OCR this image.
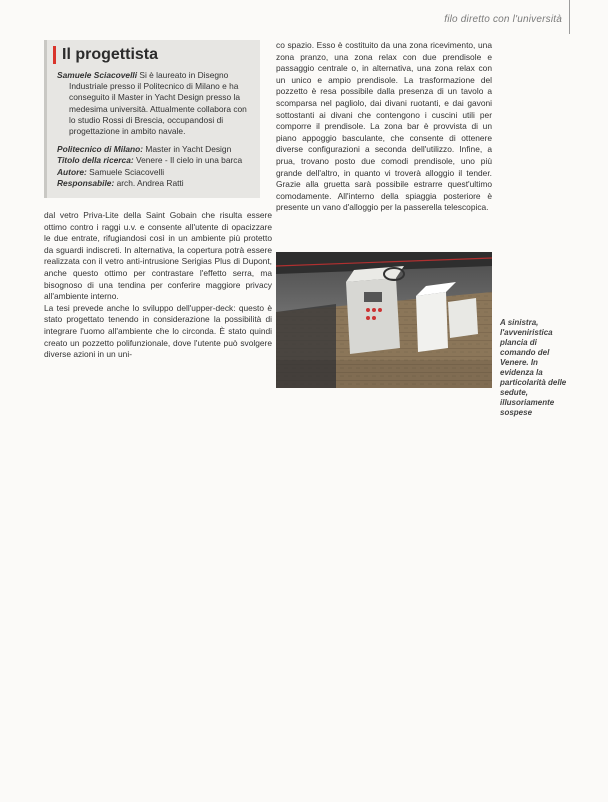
filo diretto con l'università
Il progettista
Samuele Sciacovelli Si è laureato in Disegno Industriale presso il Politecnico di Milano e ha conseguito il Master in Yacht Design presso la medesima università. Attualmente collabora con lo studio Rossi di Brescia, occupandosi di progettazione in ambito navale.
Politecnico di Milano: Master in Yacht Design
Titolo della ricerca: Venere - Il cielo in una barca
Autore: Samuele Sciacovelli
Responsabile: arch. Andrea Ratti

dal vetro Priva-Lite della Saint Gobain che risulta essere ottimo contro i raggi u.v. e consente all'utente di opacizzare le due entrate, rifugiandosi così in un ambiente più protetto da sguardi indiscreti. In alternativa, la copertura potrà essere realizzata con il vetro anti-intrusione Serigias Plus di Dupont, anche questo ottimo per contrastare l'effetto serra, ma bisognoso di una tendina per conferire maggiore privacy all'ambiente interno.

La tesi prevede anche lo sviluppo dell'upper-deck: questo è stato progettato tenendo in considerazione la possibilità di integrare l'uomo all'ambiente che lo circonda. È stato quindi creato un pozzetto polifunzionale, dove l'utente può svolgere diverse azioni in un uni-

co spazio. Esso è costituito da una zona ricevimento, una zona pranzo, una zona relax con due prendisole e passaggio centrale o, in alternativa, una zona relax con un unico e ampio prendisole. La trasformazione del pozzetto è resa possibile dalla presenza di un tavolo a scomparsa nel pagliolo, dai divani ruotanti, e dai gavoni sottostanti ai divani che contengono i cuscini utili per comporre il prendisole. La zona bar è provvista di un piano appoggio basculante, che consente di ottenere diverse configurazioni a seconda dell'utilizzo. Infine, a prua, trovano posto due comodi prendisole, uno più grande dell'altro, in quanto vi troverà alloggio il tender. Grazie alla gruetta sarà possibile estrarre quest'ultimo comodamente. All'interno della spiaggia posteriore è presente un vano d'alloggio per la passerella telescopica.

A sinistra, l'avveniristica plancia di comando del Venere. In evidenza la particolarità delle sedute, illusoriamente sospese
